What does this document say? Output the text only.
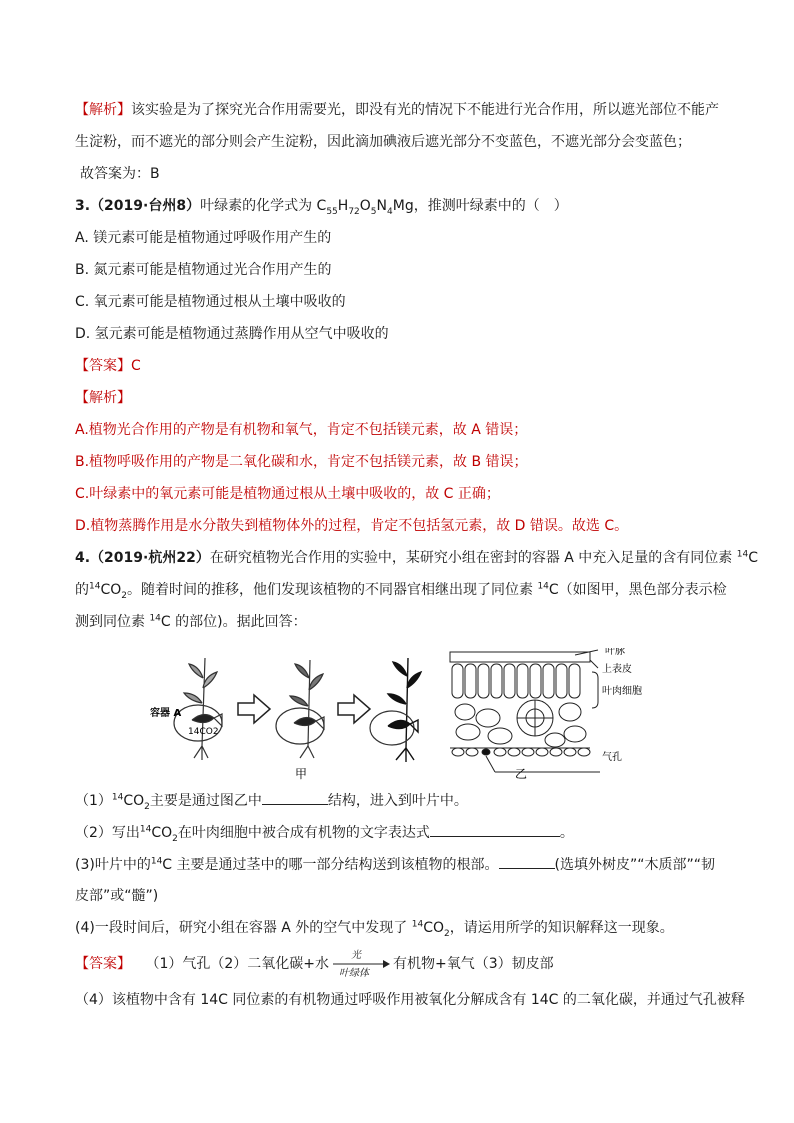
【解析】该实验是为了探究光合作用需要光，即没有光的情况下不能进行光合作用，所以遮光部位不能产
生淀粉，而不遮光的部分则会产生淀粉，因此滴加碘液后遮光部分不变蓝色，不遮光部分会变蓝色；
故答案为：B
3.（2019·台州8）叶绿素的化学式为 $C_{55}H_{72}O_5N_4Mg$，推测叶绿素中的（　）
A. 镁元素可能是植物通过呼吸作用产生的
B. 氮元素可能是植物通过光合作用产生的
C. 氧元素可能是植物通过根从土壤中吸收的
D. 氢元素可能是植物通过蒸腾作用从空气中吸收的
【答案】C
【解析】
A.植物光合作用的产物是有机物和氧气，肯定不包括镁元素，故 A 错误；
B.植物呼吸作用的产物是二氧化碳和水，肯定不包括镁元素，故 B 错误；
C.叶绿素中的氧元素可能是植物通过根从土壤中吸收的，故 C 正确；
D.植物蒸腾作用是水分散失到植物体外的过程，肯定不包括氢元素，故 D 错误。故选 C。
4.（2019·杭州22）在研究植物光合作用的实验中，某研究小组在密封的容器 A 中充入足量的含有同位素 $^{14}$C
的$^{14}CO_2$。随着时间的推移，他们发现该植物的不同器官相继出现了同位素 $^{14}$C（如图甲，黑色部分表示检
测到同位素 $^{14}$C 的部位)。据此回答：
容器 A
14CO2
叶脉
上表皮
叶肉细胞
气孔
甲	乙
$(1)^{14}CO_2$主要是通过图乙中	结构，进入到叶片中。
（2）写出$^{14}CO_2$在叶肉细胞中被合成有机物的文字表达式	。
(3)叶片中的$^{14}$C 主要是通过茎中的哪一部分结构送到该植物的根部。	(选填外树皮”“木质部”“韧
皮部”或“髓”)
(4)一段时间后，研究小组在容器 A 外的空气中发现了 $^{14}CO_2$，请运用所学的知识解释这一现象。
【答案】 （1）气孔（2）二氧化碳+水
光
叶绿体
有机物+氧气（3）韧皮部
（4）该植物中含有 14C 同位素的有机物通过呼吸作用被氧化分解成含有 14C 的二氧化碳，并通过气孔被释
